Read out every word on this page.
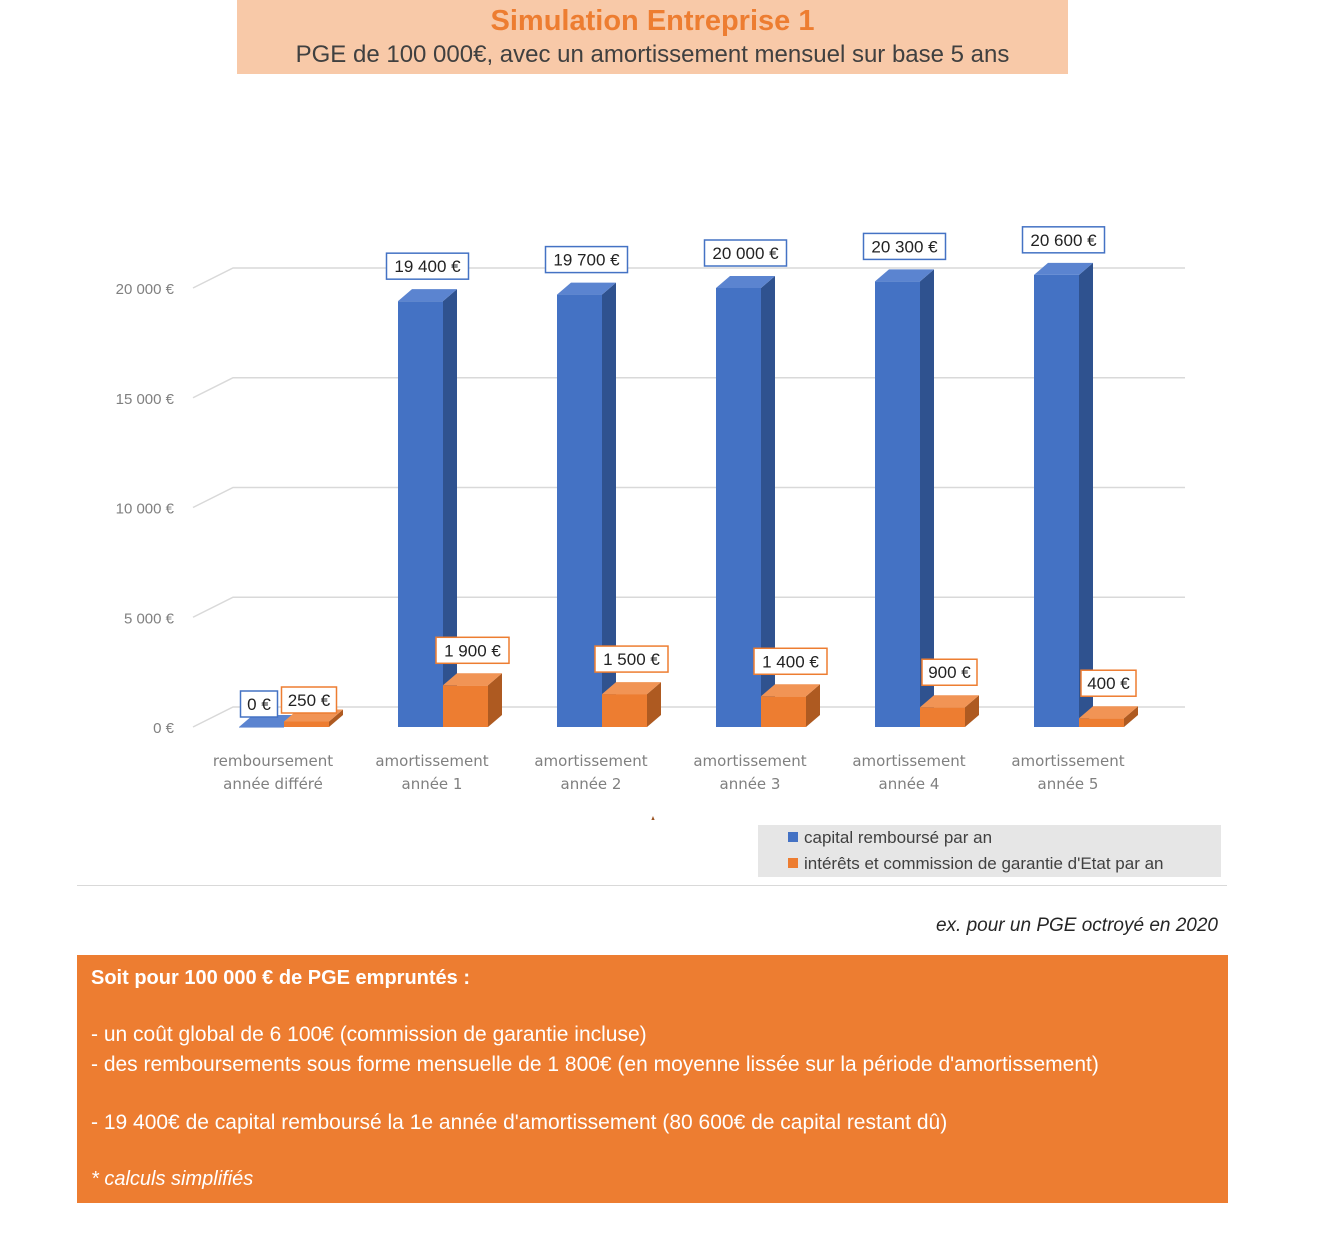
Simulation Entreprise 1
PGE de 100 000€, avec un amortissement mensuel sur base 5 ans
0 €
5 000 €
10 000 €
15 000 €
20 000 €
0 € 250 €
remboursement
année différé
19 400 €
1 900 €
amortissement
année 1
19 700 €
1 500 €
amortissement
année 2
20 000 €
1 400 €
amortissement
année 3
20 300 €
900 €
amortissement
année 4
20 600 €
400 €
amortissement
année 5
capital remboursé par an
intérêts et commission de garantie d'Etat par an
ex. pour un PGE octroyé en 2020
Soit pour 100 000 € de PGE empruntés :
- un coût global de 6 100€ (commission de garantie incluse)
- des remboursements sous forme mensuelle de 1 800€ (en moyenne lissée sur la période d'amortissement)
- 19 400€ de capital remboursé la 1e année d'amortissement (80 600€ de capital restant dû)
* calculs simplifiés
